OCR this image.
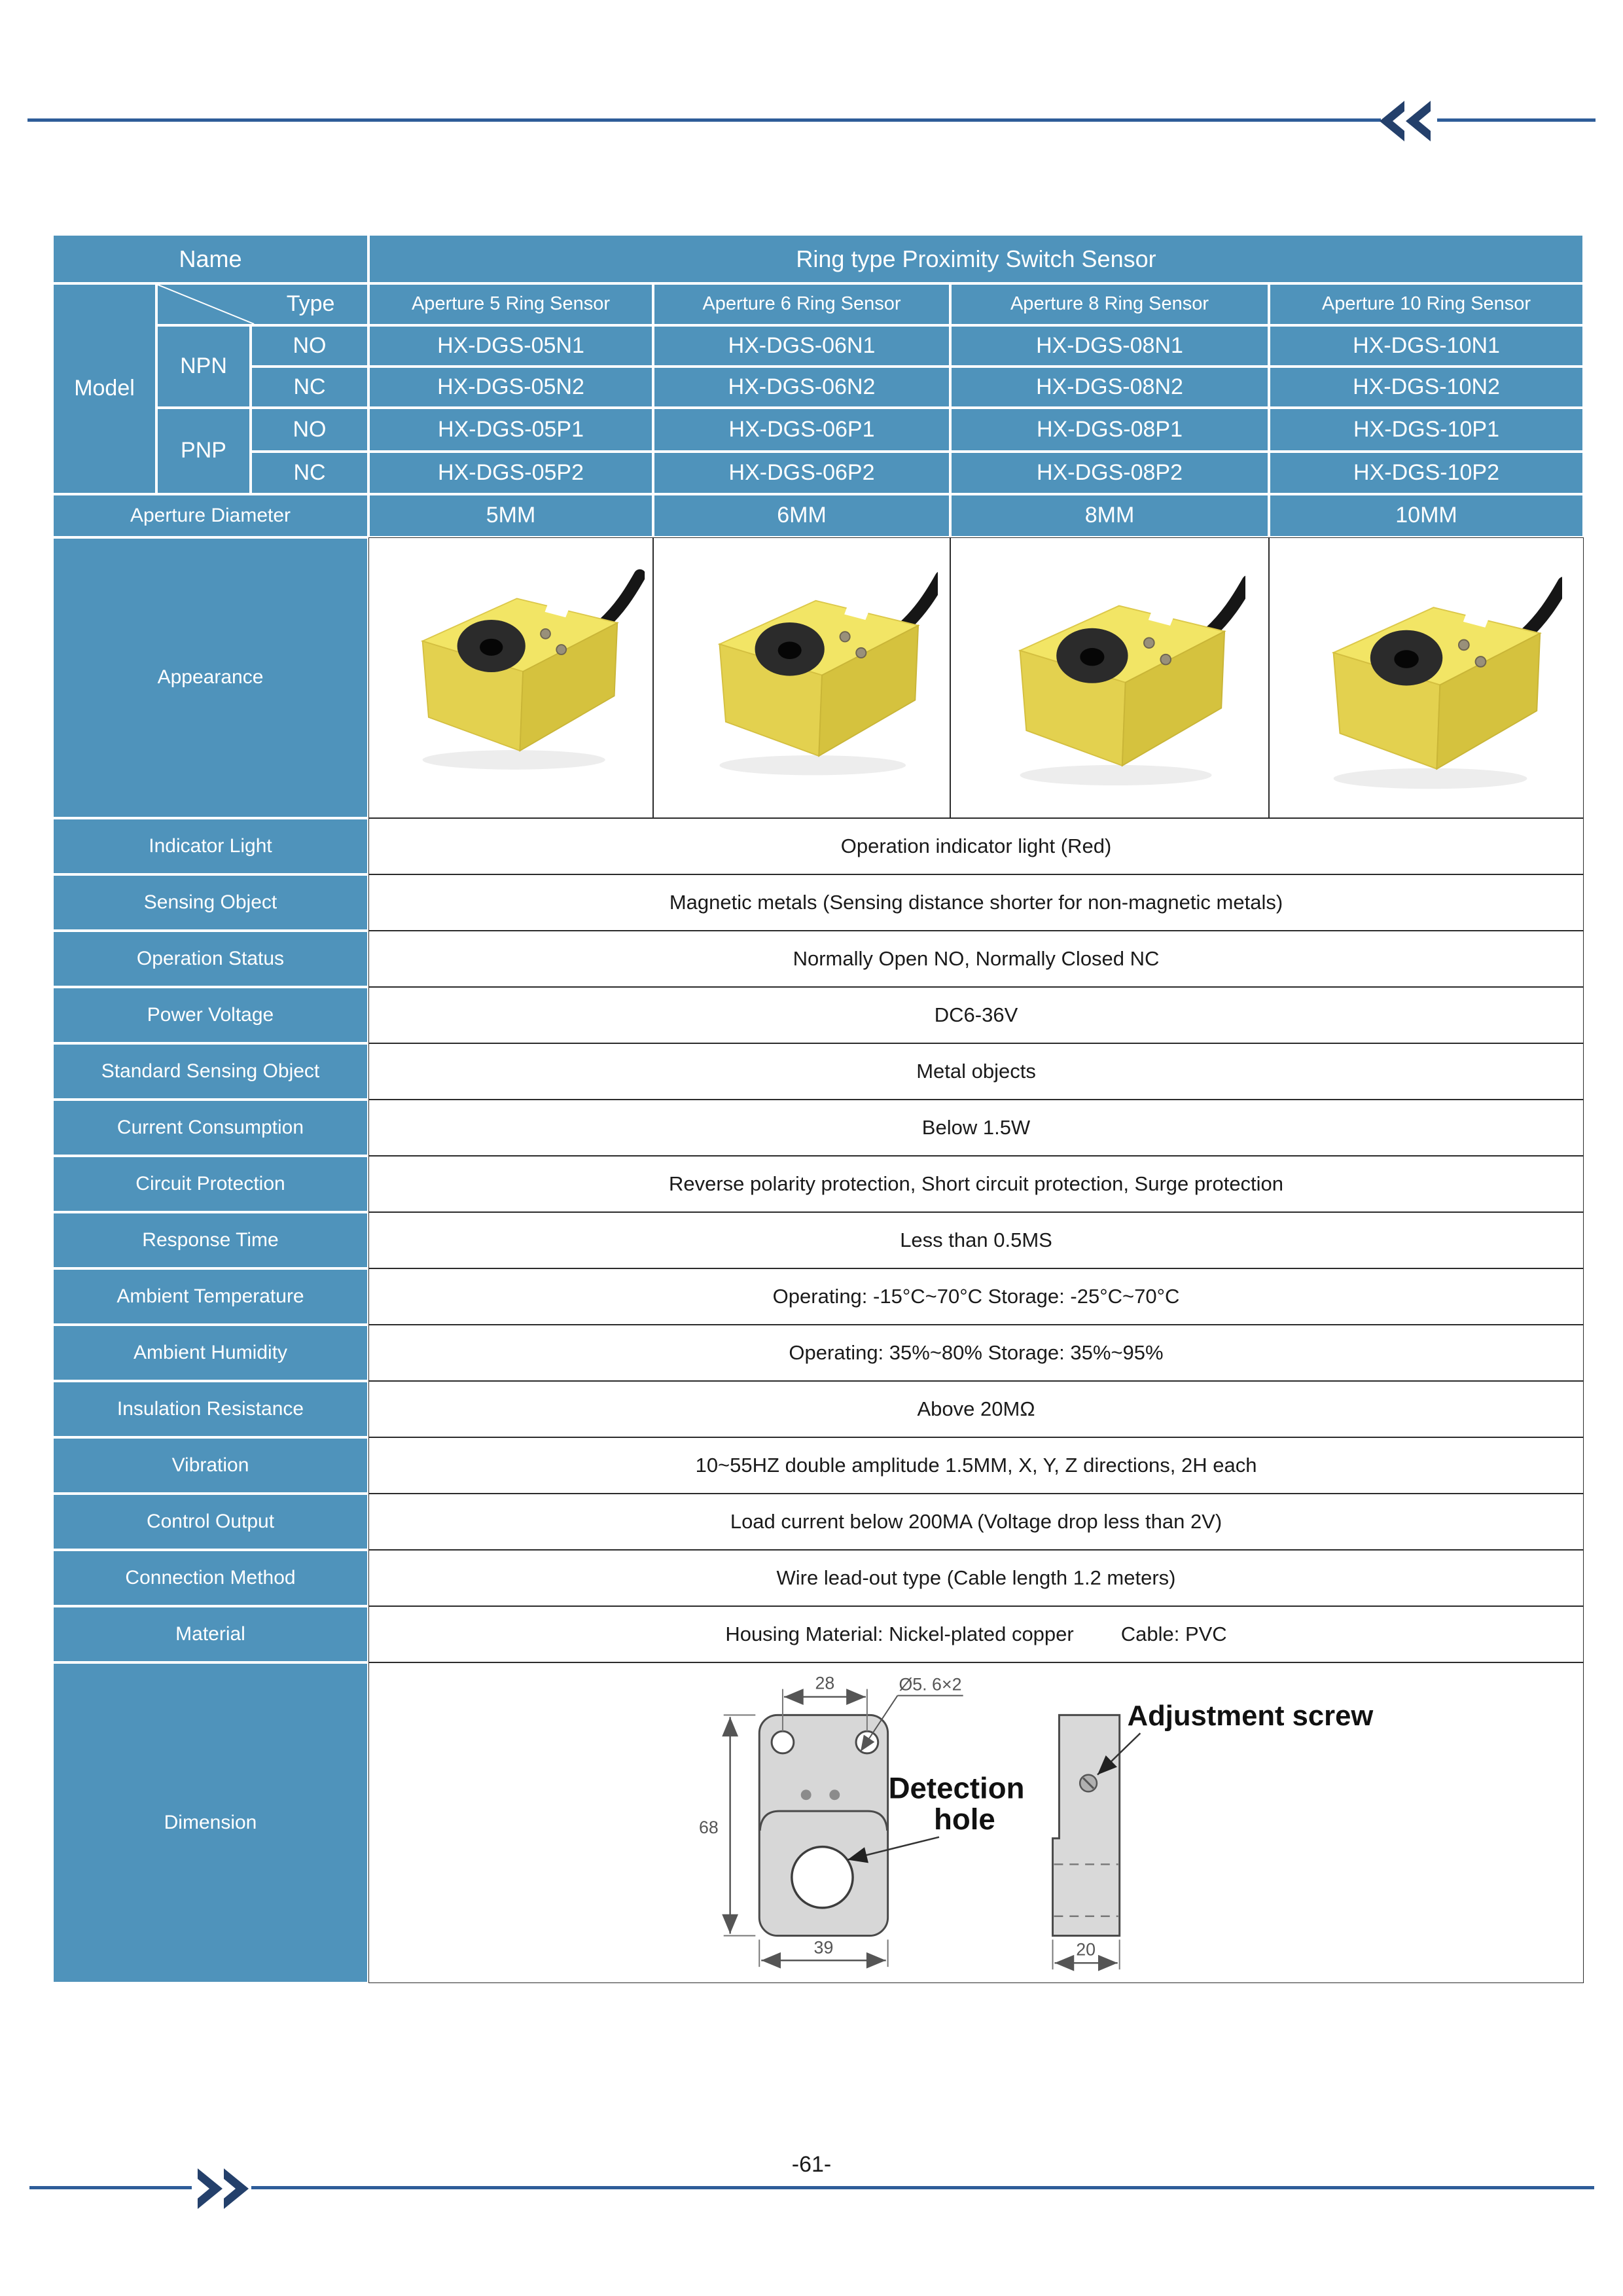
Name			Ring type Proximity Switch Sensor			
Model	Type		Aperture 5 Ring Sensor	Aperture 6 Ring Sensor	Aperture 8 Ring Sensor	Aperture 10 Ring Sensor
	NPN	NO	HX-DGS-05N1	HX-DGS-06N1	HX-DGS-08N1	HX-DGS-10N1
		NC	HX-DGS-05N2	HX-DGS-06N2	HX-DGS-08N2	HX-DGS-10N2
	PNP	NO	HX-DGS-05P1	HX-DGS-06P1	HX-DGS-08P1	HX-DGS-10P1
		NC	HX-DGS-05P2	HX-DGS-06P2	HX-DGS-08P2	HX-DGS-10P2
Aperture Diameter			5MM	6MM	8MM	10MM
Appearance	

Indicator Light			Operation indicator light (Red)			
Sensing Object			Magnetic metals (Sensing distance shorter for non-magnetic metals)			
Operation Status			Normally Open NO, Normally Closed NC			
Power Voltage			DC6-36V			
Standard Sensing Object			Metal objects			
Current Consumption			Below 1.5W			
Circuit Protection			Reverse polarity protection, Short circuit protection, Surge protection			
Response Time			Less than 0.5MS			
Ambient Temperature			Operating: -15°C~70°C Storage: -25°C~70°C			
Ambient Humidity			Operating: 35%~80% Storage: 35%~95%			
Insulation Resistance			Above 20MΩ			
Vibration			10~55HZ double amplitude 1.5MM, X, Y, Z directions, 2H each			
Control Output			Load current below 200MA (Voltage drop less than 2V)			
Connection Method			Wire lead-out type (Cable length 1.2 meters)			
Material			Housing Material: Nickel-plated copper Cable: PVC			

Dimension	
28	Ø5. 6×2
68
39
Detection
hole
Adjustment screw
20
-61-
